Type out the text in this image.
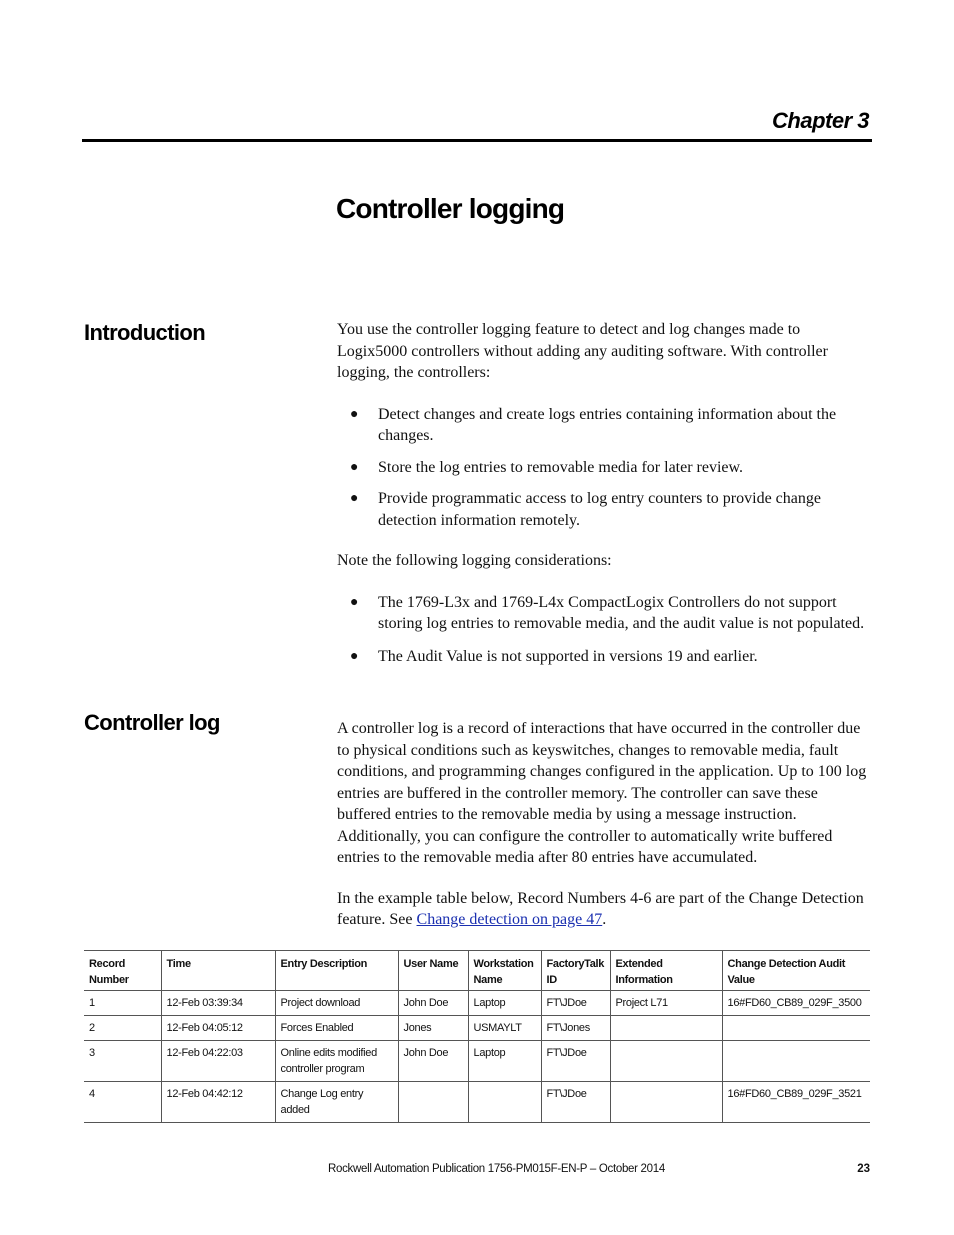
Chapter 3
Controller logging
Introduction	You use the controller logging feature to detect and log changes made to Logix5000 controllers without adding any auditing software. With controller logging, the controllers:

● Detect changes and create logs entries containing information about the changes.
● Store the log entries to removable media for later review.
● Provide programmatic access to log entry counters to provide change detection information remotely.

Note the following logging considerations:

● The 1769-L3x and 1769-L4x CompactLogix Controllers do not support storing log entries to removable media, and the audit value is not populated.
● The Audit Value is not supported in versions 19 and earlier.
Controller log	A controller log is a record of interactions that have occurred in the controller due to physical conditions such as keyswitches, changes to removable media, fault conditions, and programming changes configured in the application. Up to 100 log entries are buffered in the controller memory. The controller can save these buffered entries to the removable media by using a message instruction. Additionally, you can configure the controller to automatically write buffered entries to the removable media after 80 entries have accumulated.

In the example table below, Record Numbers 4-6 are part of the Change Detection feature. See Change detection on page 47.

Record Number	Time	Entry Description	User Name	Workstation Name	FactoryTalk ID	Extended Information	Change Detection Audit Value
1	12-Feb 03:39:34	Project download	John Doe	Laptop	FT\JDoe	Project L71	16#FD60_CB89_029F_3500
2	12-Feb 04:05:12	Forces Enabled	Jones	USMAYLT	FT\Jones		
3	12-Feb 04:22:03	Online edits modified controller program	John Doe	Laptop	FT\JDoe		
4	12-Feb 04:42:12	Change Log entry added			FT\JDoe		16#FD60_CB89_029F_3521
Rockwell Automation Publication 1756-PM015F-EN-P – October 2014	23
